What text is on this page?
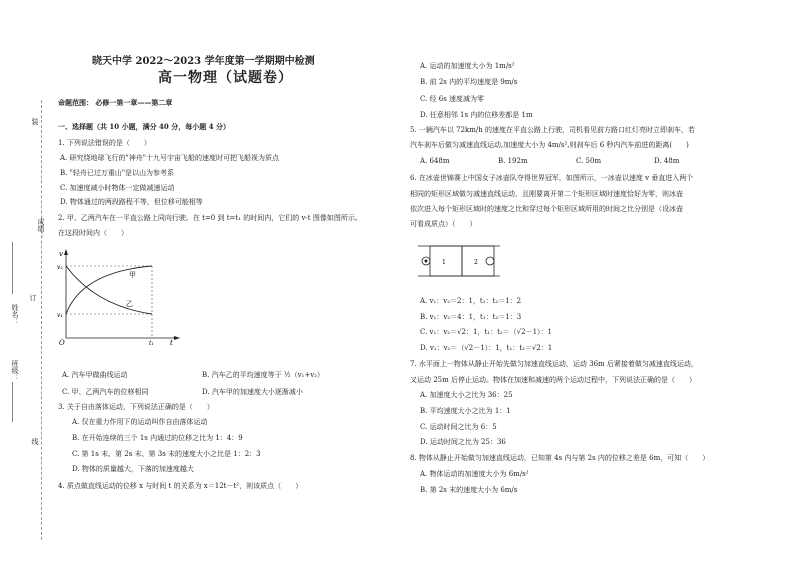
装
成绩：
订
姓名：
班级：
线
晓天中学 2022～2023 学年度第一学期期中检测
高一物理（试题卷）
命题范围： 必修一第一章——第二章
一、选择题（共 10 小题，满分 40 分，每小题 4 分）
1. 下列说法错误的是（　　）
A. 研究绕地球飞行的"神舟"十九号宇宙飞船的速度时可把飞船视为质点
B. "轻舟已过万重山"是以山为参考系
C. 加速度减小时物体一定做减速运动
D. 物体通过的两段路程不等，但位移可能相等
2. 甲、乙两汽车在一平直公路上同向行驶。在 t=0 到 t=t₁ 的时间内，它们的 v-t 图像如图所示。
在这段时间内（　　）
v
v₂
v₁
O	t₁ t
甲
乙
A. 汽车甲做曲线运动	B. 汽车乙的平均速度等于 ½（v₁+v₂）
C. 甲、乙两汽车的位移相同	D. 汽车甲的加速度大小逐渐减小
3. 关于自由落体运动，下列说法正确的是（　　）
A. 仅在重力作用下的运动叫作自由落体运动
B. 在开始连续的三个 1s 内通过的位移之比为 1：4：9
C. 第 1s 末、第 2s 末、第 3s 末的速度大小之比是 1：2：3
D. 物体的质量越大，下落的加速度越大
4. 质点做直线运动的位移 x 与时间 t 的关系为 x＝12t－t²，则该质点（　　）
A. 运动的加速度大小为 1m/s²
B. 前 2s 内的平均速度是 9m/s
C. 经 6s 速度减为零
D. 任意相邻 1s 内的位移差都是 1m
5. 一辆汽车以 72km/h 的速度在平直公路上行驶，司机看见前方路口红灯亮时立即刹车，若
汽车刹车后做匀减速直线运动,加速度大小为 4m/s²,则刹车后 6 秒内汽车前进的距离(　　)
A. 648m	B. 192m	C. 50m	D. 48m
6. 在冰壶世锦赛上中国女子冰壶队夺得世界冠军，如图所示，一冰壶以速度 v 垂直进入两个
相同的矩形区域做匀减速直线运动，且刚要离开第二个矩形区域时速度恰好为零，则冰壶
依次进入每个矩形区域时的速度之比和穿过每个矩形区域所用的时间之比分别是（设冰壶
可看成质点）（　　）
1	2
A. v₁：v₂＝2：1，t₁：t₂＝1：2
B. v₁：v₂＝4：1，t₁：t₂＝1：3
C. v₁：v₂＝√2：1，t₁：t₂＝（√2－1）：1
D. v₁：v₂＝（√2－1）：1，t₁：t₂＝√2：1
7. 水平面上一物体从静止开始先做匀加速直线运动，运动 36m 后紧接着做匀减速直线运动，
又运动 25m 后停止运动。物体在加速和减速的两个运动过程中，下列说法正确的是（　　）
A. 加速度大小之比为 36：25
B. 平均速度大小之比为 1：1
C. 运动时间之比为 6：5
D. 运动时间之比为 25：36
8. 物体从静止开始做匀加速直线运动，已知第 4s 内与第 2s 内的位移之差是 6m，可知（　　）
A. 物体运动的加速度大小为 6m/s²
B. 第 2s 末的速度大小为 6m/s
